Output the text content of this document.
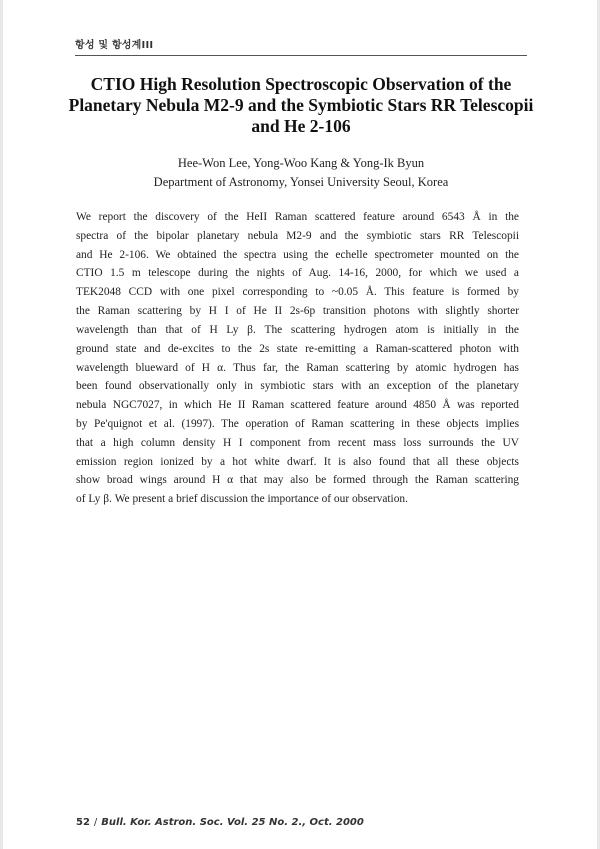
항성 및 항성계III
CTIO High Resolution Spectroscopic Observation of the Planetary Nebula M2-9 and the Symbiotic Stars RR Telescopii and He 2-106
Hee-Won Lee, Yong-Woo Kang & Yong-Ik Byun
Department of Astronomy, Yonsei University Seoul, Korea
We report the discovery of the HeII Raman scattered feature around 6543 Å in the
spectra of the bipolar planetary nebula M2-9 and the symbiotic stars RR Telescopii
and He 2-106. We obtained the spectra using the echelle spectrometer mounted on the
CTIO 1.5 m telescope during the nights of Aug. 14-16, 2000, for which we used a
TEK2048 CCD with one pixel corresponding to ~0.05 Å. This feature is formed by
the Raman scattering by H I of He II 2s-6p transition photons with slightly shorter
wavelength than that of H Ly β. The scattering hydrogen atom is initially in the
ground state and de-excites to the 2s state re-emitting a Raman-scattered photon with
wavelength blueward of H α. Thus far, the Raman scattering by atomic hydrogen has
been found observationally only in symbiotic stars with an exception of the planetary
nebula NGC7027, in which He II Raman scattered feature around 4850 Å was reported
by Pe'quignot et al. (1997). The operation of Raman scattering in these objects implies
that a high column density H I component from recent mass loss surrounds the UV
emission region ionized by a hot white dwarf. It is also found that all these objects
show broad wings around H α that may also be formed through the Raman scattering
of Ly β. We present a brief discussion the importance of our observation.
52 / Bull. Kor. Astron. Soc. Vol. 25 No. 2., Oct. 2000
